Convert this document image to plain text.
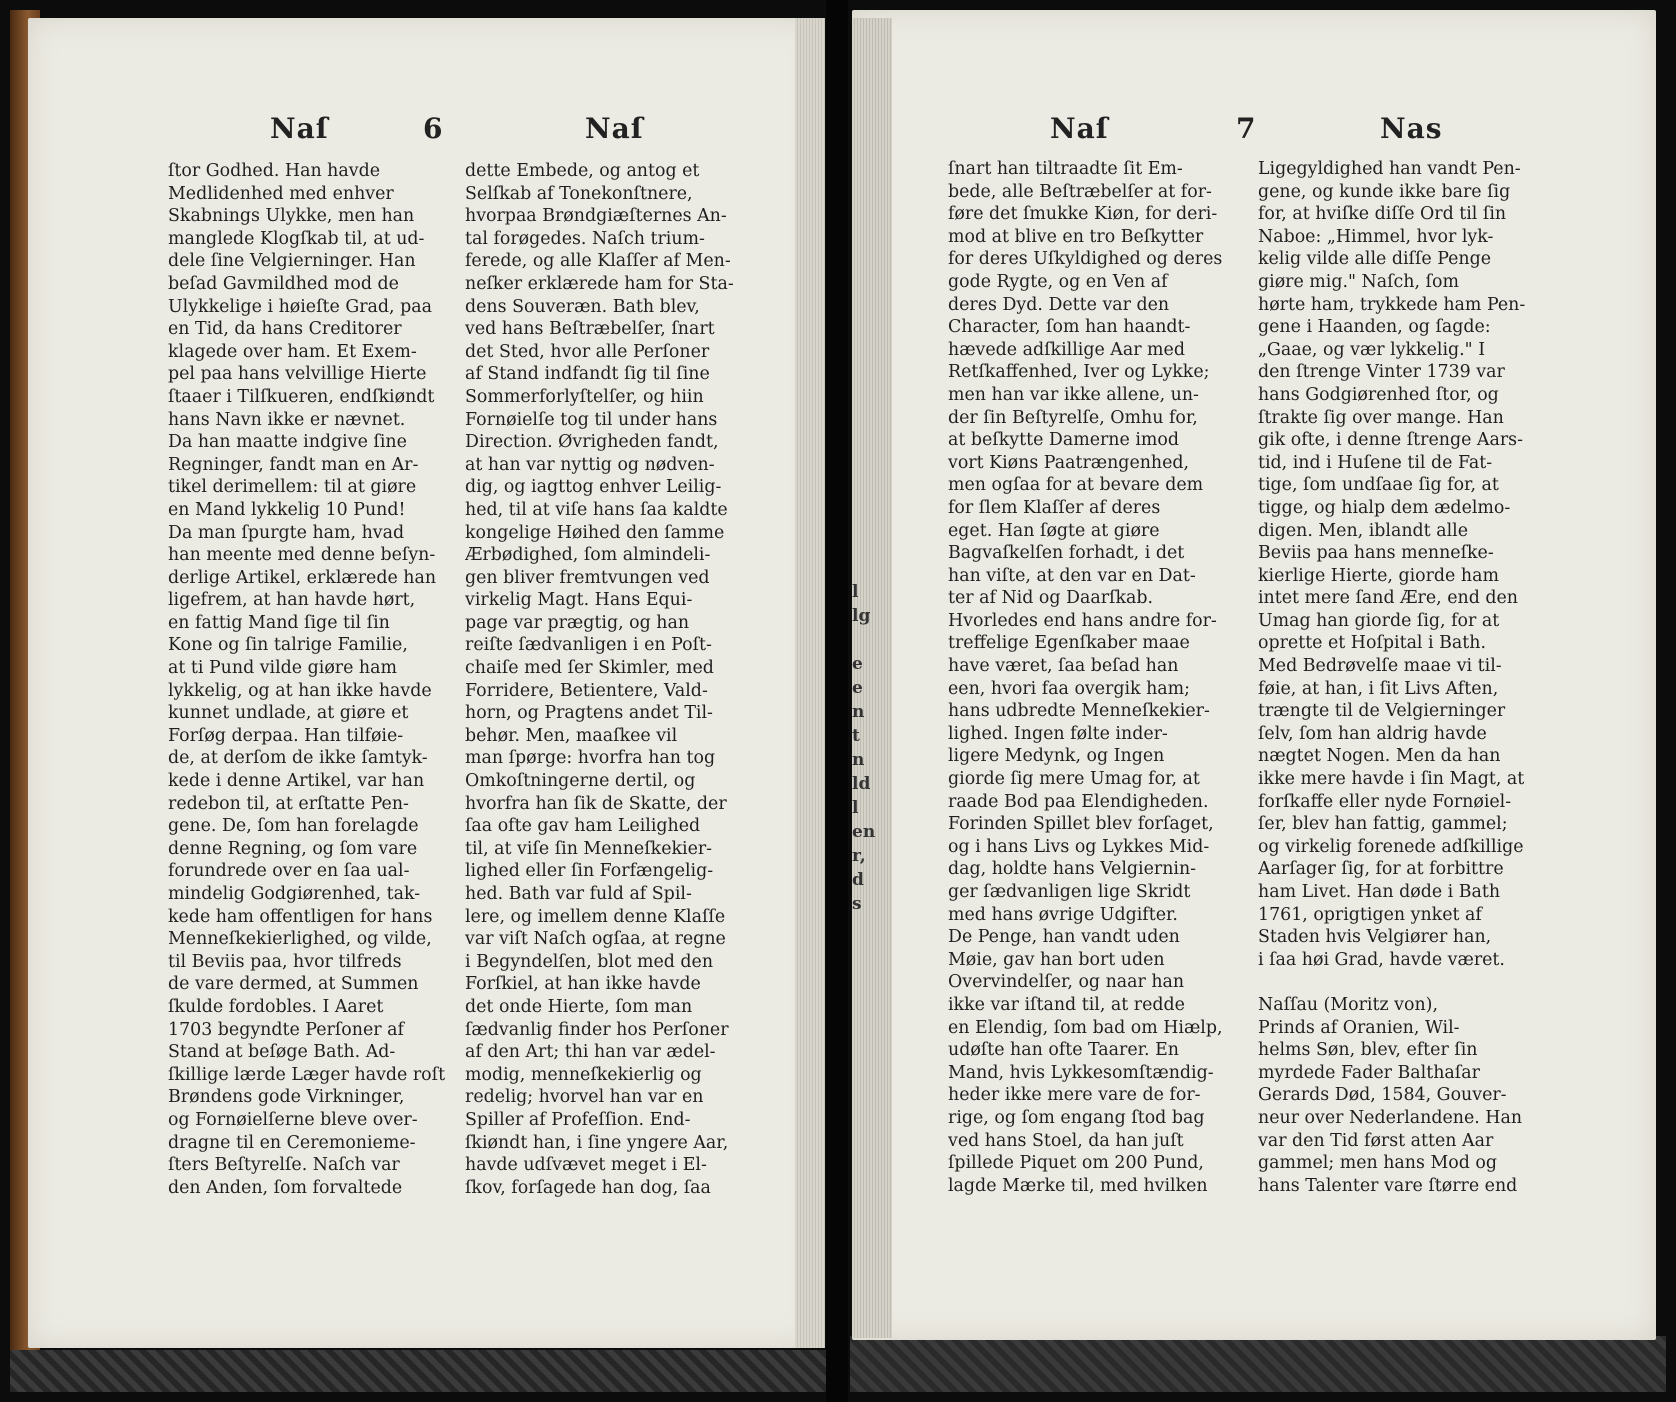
Naſ	6	Naſ
ſtor Godhed. Han havde
Medlidenhed med enhver
Skabnings Ulykke, men han
manglede Klogſkab til, at ud-
dele ſine Velgierninger. Han
beſad Gavmildhed mod de
Ulykkelige i høieſte Grad, paa
en Tid, da hans Creditorer
klagede over ham. Et Exem-
pel paa hans velvillige Hierte
ſtaaer i Tilſkueren, endſkiøndt
hans Navn ikke er nævnet.
Da han maatte indgive ſine
Regninger, fandt man en Ar-
tikel derimellem: til at giøre
en Mand lykkelig 10 Pund!
Da man ſpurgte ham, hvad
han meente med denne beſyn-
derlige Artikel, erklærede han
ligefrem, at han havde hørt,
en fattig Mand ſige til ſin
Kone og ſin talrige Familie,
at ti Pund vilde giøre ham
lykkelig, og at han ikke havde
kunnet undlade, at giøre et
Forſøg derpaa. Han tilføie-
de, at derſom de ikke ſamtyk-
kede i denne Artikel, var han
redebon til, at erſtatte Pen-
gene. De, ſom han forelagde
denne Regning, og ſom vare
forundrede over en ſaa ual-
mindelig Godgiørenhed, tak-
kede ham offentligen for hans
Menneſkekierlighed, og vilde,
til Beviis paa, hvor tilfreds
de vare dermed, at Summen
ſkulde fordobles. I Aaret
1703 begyndte Perſoner af
Stand at beſøge Bath. Ad-
ſkillige lærde Læger havde roſt
Brøndens gode Virkninger,
og Fornøielſerne bleve over-
dragne til en Ceremonieme-
ſters Beſtyrelſe. Naſch var
den Anden, ſom forvaltede
dette Embede, og antog et
Selſkab af Tonekonſtnere,
hvorpaa Brøndgiæſternes An-
tal forøgedes. Naſch trium-
ferede, og alle Klaſſer af Men-
neſker erklærede ham for Sta-
dens Souveræn. Bath blev,
ved hans Beſtræbelſer, ſnart
det Sted, hvor alle Perſoner
af Stand indfandt ſig til ſine
Sommerforlyſtelſer, og hiin
Fornøielſe tog til under hans
Direction. Øvrigheden fandt,
at han var nyttig og nødven-
dig, og iagttog enhver Leilig-
hed, til at viſe hans ſaa kaldte
kongelige Høihed den ſamme
Ærbødighed, ſom almindeli-
gen bliver fremtvungen ved
virkelig Magt. Hans Equi-
page var prægtig, og han
reiſte ſædvanligen i en Poſt-
chaiſe med ſer Skimler, med
Forridere, Betientere, Vald-
horn, og Pragtens andet Til-
behør. Men, maaſkee vil
man ſpørge: hvorfra han tog
Omkoſtningerne dertil, og
hvorfra han ſik de Skatte, der
ſaa ofte gav ham Leilighed
til, at viſe ſin Menneſkekier-
lighed eller ſin Forfængelig-
hed. Bath var fuld af Spil-
lere, og imellem denne Klaſſe
var viſt Naſch ogſaa, at regne
i Begyndelſen, blot med den
Forſkiel, at han ikke havde
det onde Hierte, ſom man
ſædvanlig finder hos Perſoner
af den Art; thi han var ædel-
modig, menneſkekierlig og
redelig; hvorvel han var en
Spiller af Profeſſion. End-
ſkiøndt han, i ſine yngere Aar,
havde udſvævet meget i El-
ſkov, forſagede han dog, ſaa
l
lg

e
e
n
t
n
ld
l
en
r,
d
s
Naſ	7	Nas
ſnart han tiltraadte ſit Em-
bede, alle Beſtræbelſer at for-
føre det ſmukke Kiøn, for deri-
mod at blive en tro Beſkytter
for deres Uſkyldighed og deres
gode Rygte, og en Ven af
deres Dyd. Dette var den
Character, ſom han haandt-
hævede adſkillige Aar med
Retſkaffenhed, Iver og Lykke;
men han var ikke allene, un-
der ſin Beſtyrelſe, Omhu for,
at beſkytte Damerne imod
vort Kiøns Paatrængenhed,
men ogſaa for at bevare dem
for ſlem Klaſſer af deres
eget. Han ſøgte at giøre
Bagvaſkelſen forhadt, i det
han viſte, at den var en Dat-
ter af Nid og Daarſkab.
Hvorledes end hans andre for-
treffelige Egenſkaber maae
have været, ſaa beſad han
een, hvori faa overgik ham;
hans udbredte Menneſkekier-
lighed. Ingen følte inder-
ligere Medynk, og Ingen
giorde ſig mere Umag for, at
raade Bod paa Elendigheden.
Forinden Spillet blev forſaget,
og i hans Livs og Lykkes Mid-
dag, holdte hans Velgiernin-
ger ſædvanligen lige Skridt
med hans øvrige Udgifter.
De Penge, han vandt uden
Møie, gav han bort uden
Overvindelſer, og naar han
ikke var iſtand til, at redde
en Elendig, ſom bad om Hiælp,
udøſte han ofte Taarer. En
Mand, hvis Lykkesomſtændig-
heder ikke mere vare de for-
rige, og ſom engang ſtod bag
ved hans Stoel, da han juſt
ſpillede Piquet om 200 Pund,
lagde Mærke til, med hvilken
Ligegyldighed han vandt Pen-
gene, og kunde ikke bare ſig
for, at hviſke diſſe Ord til ſin
Naboe: „Himmel, hvor lyk-
kelig vilde alle diſſe Penge
giøre mig." Naſch, ſom
hørte ham, trykkede ham Pen-
gene i Haanden, og ſagde:
„Gaae, og vær lykkelig." I
den ſtrenge Vinter 1739 var
hans Godgiørenhed ſtor, og
ſtrakte ſig over mange. Han
gik ofte, i denne ſtrenge Aars-
tid, ind i Huſene til de Fat-
tige, ſom undſaae ſig for, at
tigge, og hialp dem ædelmo-
digen. Men, iblandt alle
Beviis paa hans menneſke-
kierlige Hierte, giorde ham
intet mere ſand Ære, end den
Umag han giorde ſig, for at
oprette et Hoſpital i Bath.
Med Bedrøvelſe maae vi til-
føie, at han, i ſit Livs Aften,
trængte til de Velgierninger
ſelv, ſom han aldrig havde
nægtet Nogen. Men da han
ikke mere havde i ſin Magt, at
forſkaffe eller nyde Fornøiel-
ſer, blev han fattig, gammel;
og virkelig forenede adſkillige
Aarſager ſig, for at forbittre
ham Livet. Han døde i Bath
1761, oprigtigen ynket af
Staden hvis Velgiører han,
i ſaa høi Grad, havde været.

Naſſau (Moritz von),
Prinds af Oranien, Wil-
helms Søn, blev, efter ſin
myrdede Fader Balthaſar
Gerards Død, 1584, Gouver-
neur over Nederlandene. Han
var den Tid først atten Aar
gammel; men hans Mod og
hans Talenter vare ſtørre end
